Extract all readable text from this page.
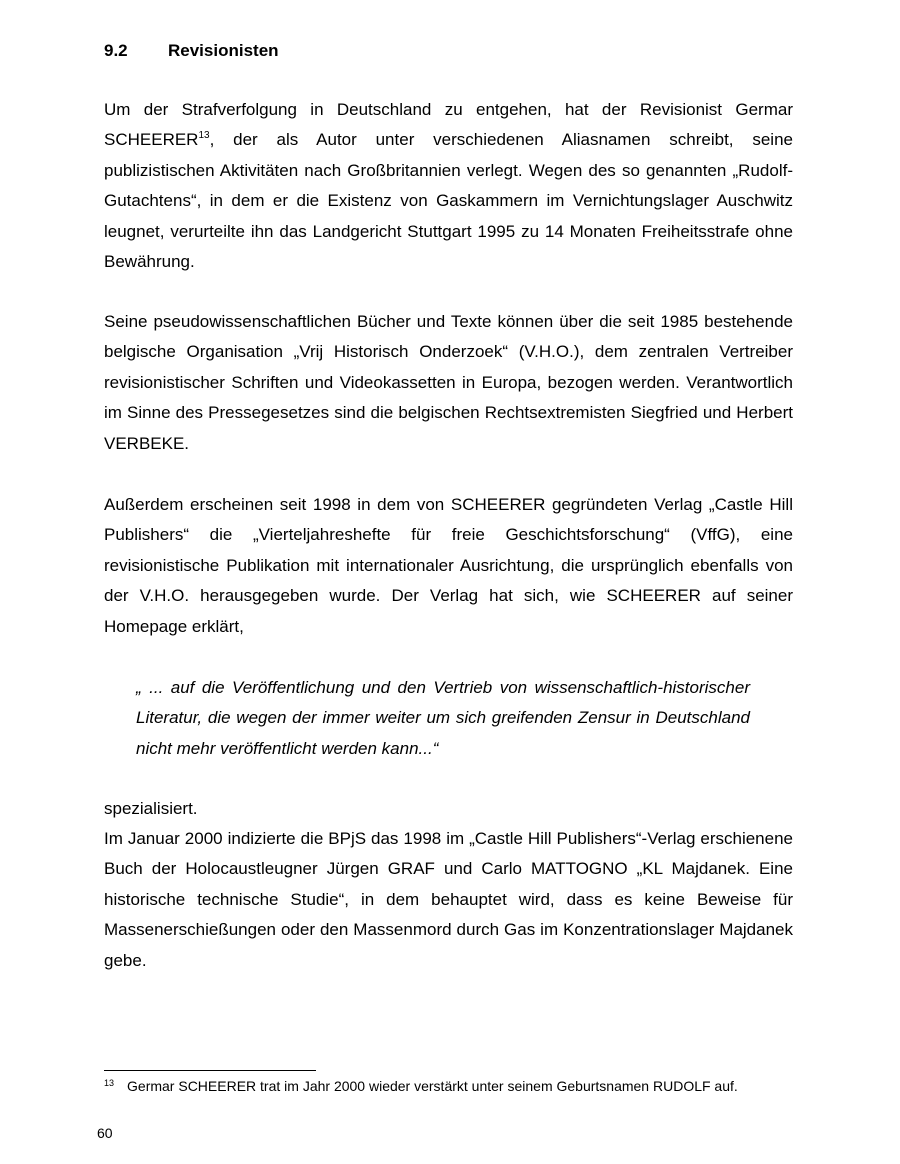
9.2 Revisionisten

Um der Strafverfolgung in Deutschland zu entgehen, hat der Revisionist Germar SCHEERER$^{13}$, der als Autor unter verschiedenen Aliasnamen schreibt, seine publizistischen Aktivitäten nach Großbritannien verlegt. Wegen des so genannten „Rudolf-Gutachtens“, in dem er die Existenz von Gaskammern im Vernichtungslager Auschwitz leugnet, verurteilte ihn das Landgericht Stuttgart 1995 zu 14 Monaten Freiheitsstrafe ohne Bewährung.

Seine pseudowissenschaftlichen Bücher und Texte können über die seit 1985 bestehende belgische Organisation „Vrij Historisch Onderzoek“ (V.H.O.), dem zentralen Vertreiber revisionistischer Schriften und Videokassetten in Europa, bezogen werden. Verantwortlich im Sinne des Pressegesetzes sind die belgischen Rechtsextremisten Siegfried und Herbert VERBEKE.

Außerdem erscheinen seit 1998 in dem von SCHEERER gegründeten Verlag „Castle Hill Publishers“ die „Vierteljahreshefte für freie Geschichtsforschung“ (VffG), eine revisionistische Publikation mit internationaler Ausrichtung, die ursprünglich ebenfalls von der V.H.O. herausgegeben wurde. Der Verlag hat sich, wie SCHEERER auf seiner Homepage erklärt,

„ ... auf die Veröffentlichung und den Vertrieb von wissenschaftlich-historischer Literatur, die wegen der immer weiter um sich greifenden Zensur in Deutschland nicht mehr veröffentlicht werden kann...“

spezialisiert.

Im Januar 2000 indizierte die BPjS das 1998 im „Castle Hill Publishers“-Verlag erschienene Buch der Holocaustleugner Jürgen GRAF und Carlo MATTOGNO „KL Majdanek. Eine historische technische Studie“, in dem behauptet wird, dass es keine Beweise für Massenerschießungen oder den Massenmord durch Gas im Konzentrationslager Majdanek gebe.

$^{13}$ Germar SCHEERER trat im Jahr 2000 wieder verstärkt unter seinem Geburtsnamen RUDOLF auf.
60
